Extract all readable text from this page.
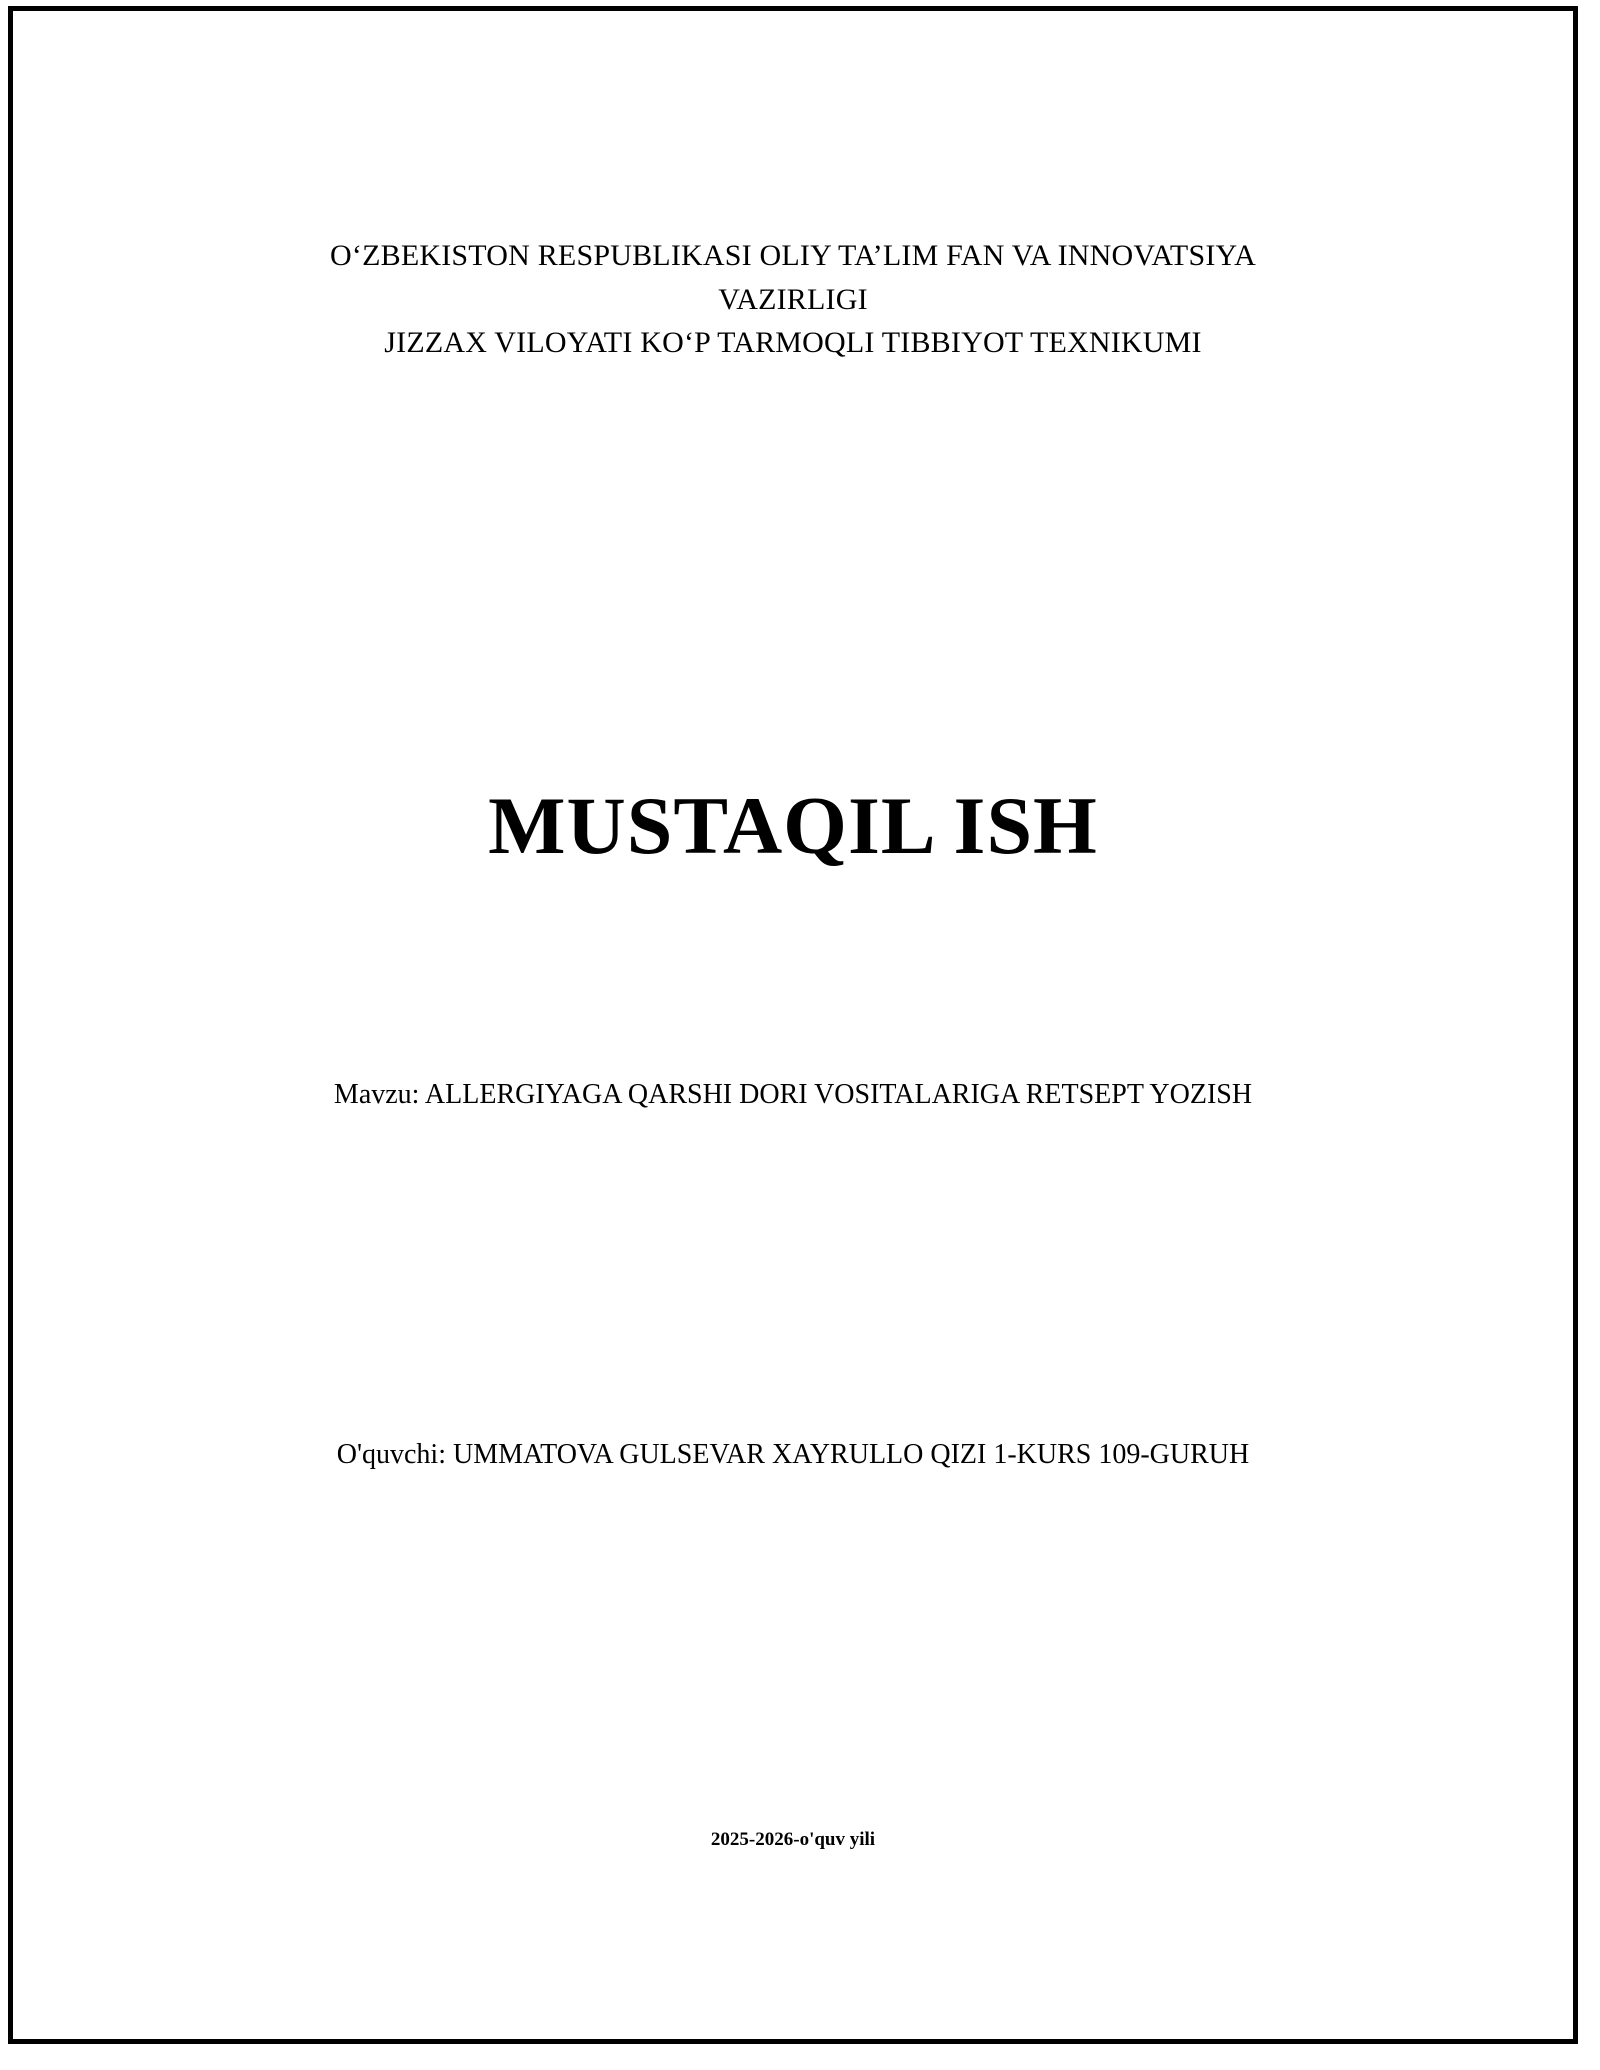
O‘ZBEKISTON RESPUBLIKASI OLIY TA’LIM FAN VA INNOVATSIYA VAZIRLIGI
JIZZAX VILOYATI KO‘P TARMOQLI TIBBIYOT TEXNIKUMI
MUSTAQIL ISH
Mavzu: ALLERGIYAGA QARSHI DORI VOSITALARIGA RETSEPT YOZISH
O'quvchi: UMMATOVA GULSEVAR XAYRULLO QIZI 1-KURS 109-GURUH
2025-2026-o'quv yili
